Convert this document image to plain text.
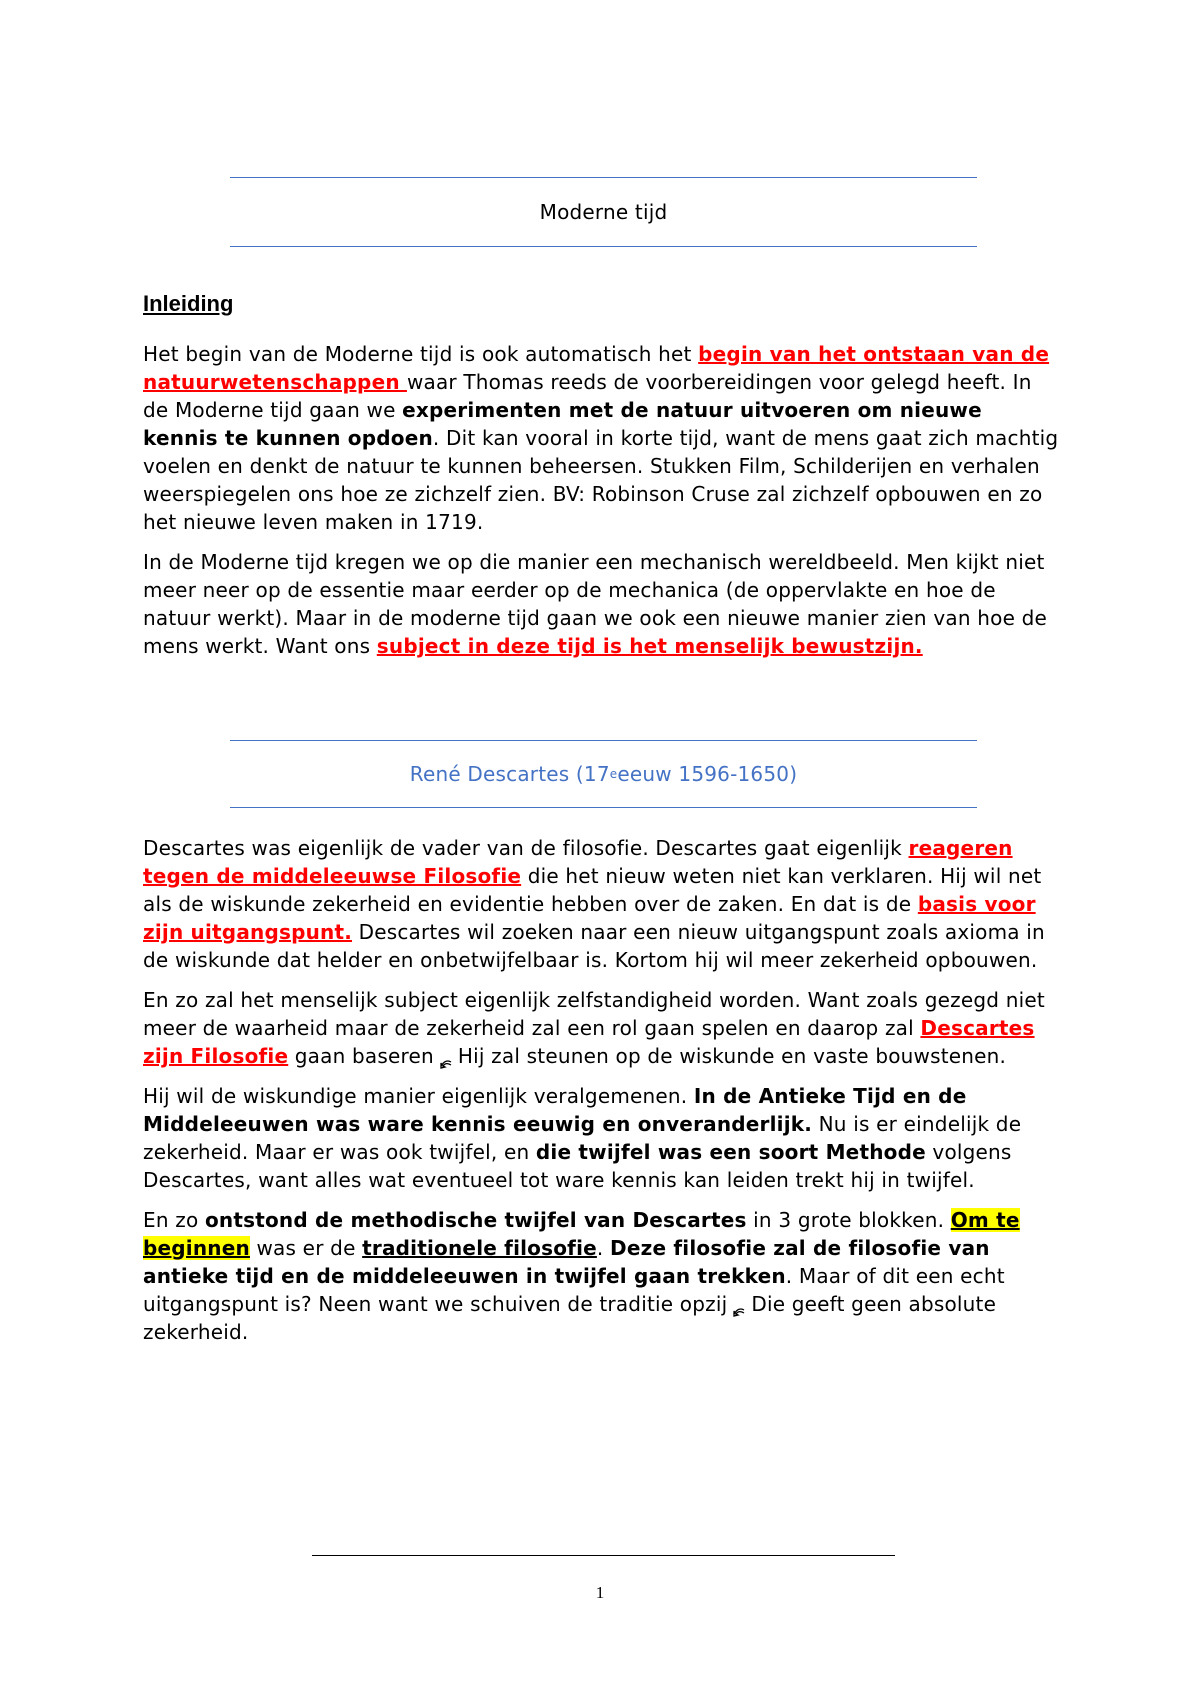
Moderne tijd
Inleiding

Het begin van de Moderne tijd is ook automatisch het begin van het ontstaan van de natuurwetenschappen waar Thomas reeds de voorbereidingen voor gelegd heeft. In de Moderne tijd gaan we experimenten met de natuur uitvoeren om nieuwe kennis te kunnen opdoen. Dit kan vooral in korte tijd, want de mens gaat zich machtig voelen en denkt de natuur te kunnen beheersen. Stukken Film, Schilderijen en verhalen weerspiegelen ons hoe ze zichzelf zien. BV: Robinson Cruse zal zichzelf opbouwen en zo het nieuwe leven maken in 1719.

In de Moderne tijd kregen we op die manier een mechanisch wereldbeeld. Men kijkt niet meer neer op de essentie maar eerder op de mechanica (de oppervlakte en hoe de natuur werkt). Maar in de moderne tijd gaan we ook een nieuwe manier zien van hoe de mens werkt. Want ons subject in deze tijd is het menselijk bewustzijn.

René Descartes (17 e eeuw 1596-1650)

Descartes was eigenlijk de vader van de filosofie. Descartes gaat eigenlijk reageren tegen de middeleeuwse Filosofie die het nieuw weten niet kan verklaren. Hij wil net als de wiskunde zekerheid en evidentie hebben over de zaken. En dat is de basis voor zijn uitgangspunt. Descartes wil zoeken naar een nieuw uitgangspunt zoals axioma in de wiskunde dat helder en onbetwijfelbaar is. Kortom hij wil meer zekerheid opbouwen.

En zo zal het menselijk subject eigenlijk zelfstandigheid worden. Want zoals gezegd niet meer de waarheid maar de zekerheid zal een rol gaan spelen en daarop zal Descartes zijn Filosofie gaan baseren Hij zal steunen op de wiskunde en vaste bouwstenen.

Hij wil de wiskundige manier eigenlijk veralgemenen. In de Antieke Tijd en de Middeleeuwen was ware kennis eeuwig en onveranderlijk. Nu is er eindelijk de zekerheid. Maar er was ook twijfel, en die twijfel was een soort Methode volgens Descartes, want alles wat eventueel tot ware kennis kan leiden trekt hij in twijfel.

En zo ontstond de methodische twijfel van Descartes in 3 grote blokken. Om te beginnen was er de traditionele filosofie. Deze filosofie zal de filosofie van antieke tijd en de middeleeuwen in twijfel gaan trekken. Maar of dit een echt uitgangspunt is? Neen want we schuiven de traditie opzij Die geeft geen absolute zekerheid.

1
